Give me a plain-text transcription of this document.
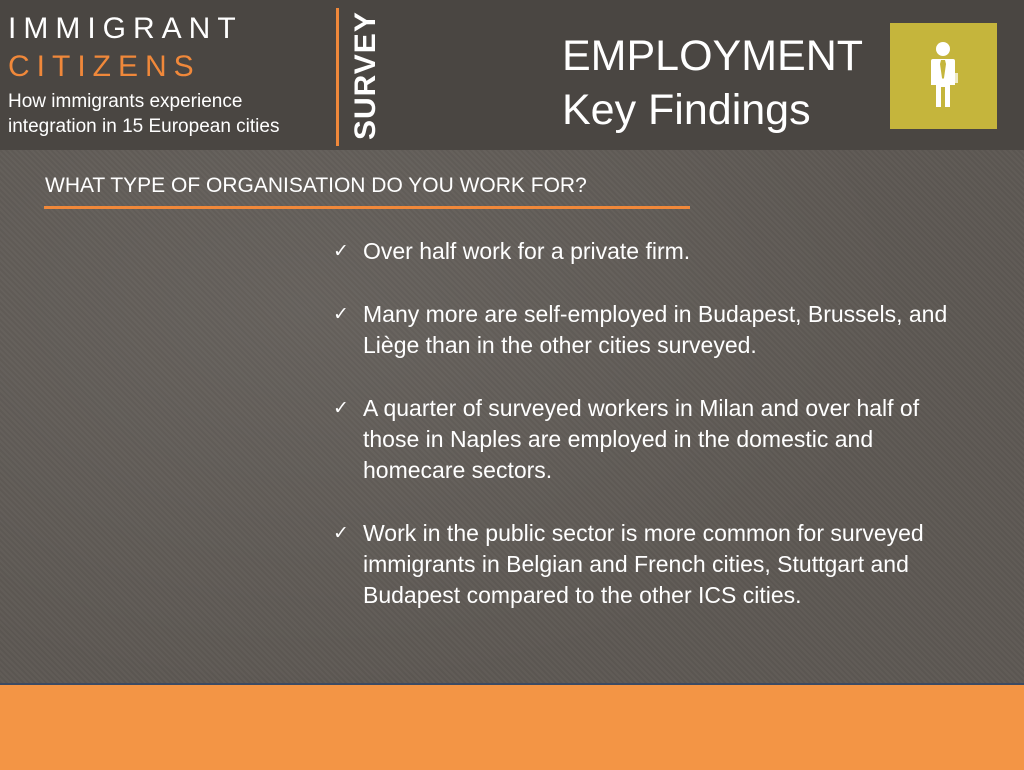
IMMIGRANT
CITIZENS
How immigrants experience
integration in 15 European cities SURVEY	EMPLOYMENT
Key Findings
WHAT TYPE OF ORGANISATION DO YOU WORK FOR?
✓ Over half work for a private firm.
✓ Many more are self-employed in Budapest, Brussels, and Liège than in the other cities surveyed.
✓ A quarter of surveyed workers in Milan and over half of those in Naples are employed in the domestic and homecare sectors.
✓ Work in the public sector is more common for surveyed immigrants in Belgian and French cities, Stuttgart and Budapest compared to the other ICS cities.
